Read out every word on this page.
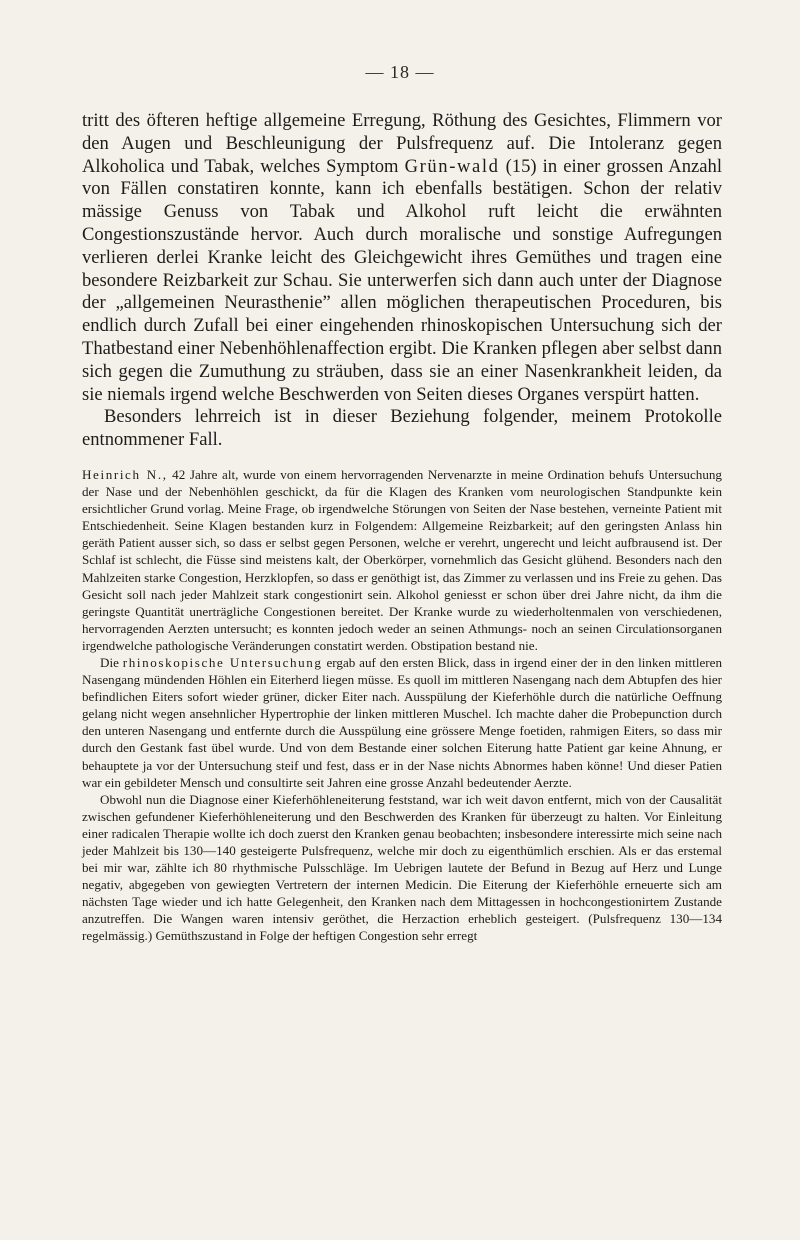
— 18 —

tritt des öfteren heftige allgemeine Erregung, Röthung des Gesichtes, Flimmern vor den Augen und Beschleunigung der Pulsfrequenz auf. Die Intoleranz gegen Alkoholica und Tabak, welches Symptom Grün-wald (15) in einer grossen Anzahl von Fällen constatiren konnte, kann ich ebenfalls bestätigen. Schon der relativ mässige Genuss von Tabak und Alkohol ruft leicht die erwähnten Congestionszustände hervor. Auch durch moralische und sonstige Aufregungen verlieren derlei Kranke leicht des Gleichgewicht ihres Gemüthes und tragen eine besondere Reizbarkeit zur Schau. Sie unterwerfen sich dann auch unter der Diagnose der „allgemeinen Neurasthenie” allen möglichen therapeutischen Proceduren, bis endlich durch Zufall bei einer eingehenden rhinoskopischen Untersuchung sich der Thatbestand einer Nebenhöhlenaffection ergibt. Die Kranken pflegen aber selbst dann sich gegen die Zumuthung zu sträuben, dass sie an einer Nasenkrankheit leiden, da sie niemals irgend welche Beschwerden von Seiten dieses Organes verspürt hatten.

Besonders lehrreich ist in dieser Beziehung folgender, meinem Protokolle entnommener Fall.

Heinrich N., 42 Jahre alt, wurde von einem hervorragenden Nervenarzte in meine Ordination behufs Untersuchung der Nase und der Nebenhöhlen geschickt, da für die Klagen des Kranken vom neurologischen Standpunkte kein ersichtlicher Grund vorlag. Meine Frage, ob irgendwelche Störungen von Seiten der Nase bestehen, verneinte Patient mit Entschiedenheit. Seine Klagen bestanden kurz in Folgendem: Allgemeine Reizbarkeit; auf den geringsten Anlass hin geräth Patient ausser sich, so dass er selbst gegen Personen, welche er verehrt, ungerecht und leicht aufbrausend ist. Der Schlaf ist schlecht, die Füsse sind meistens kalt, der Oberkörper, vornehmlich das Gesicht glühend. Besonders nach den Mahlzeiten starke Congestion, Herzklopfen, so dass er genöthigt ist, das Zimmer zu verlassen und ins Freie zu gehen. Das Gesicht soll nach jeder Mahlzeit stark congestionirt sein. Alkohol geniesst er schon über drei Jahre nicht, da ihm die geringste Quantität unerträgliche Congestionen bereitet. Der Kranke wurde zu wiederholtenmalen von verschiedenen, hervorragenden Aerzten untersucht; es konnten jedoch weder an seinen Athmungs- noch an seinen Circulationsorganen irgendwelche pathologische Veränderungen constatirt werden. Obstipation bestand nie.

Die rhinoskopische Untersuchung ergab auf den ersten Blick, dass in irgend einer der in den linken mittleren Nasengang mündenden Höhlen ein Eiterherd liegen müsse. Es quoll im mittleren Nasengang nach dem Abtupfen des hier befindlichen Eiters sofort wieder grüner, dicker Eiter nach. Ausspülung der Kieferhöhle durch die natürliche Oeffnung gelang nicht wegen ansehnlicher Hypertrophie der linken mittleren Muschel. Ich machte daher die Probepunction durch den unteren Nasengang und entfernte durch die Ausspülung eine grössere Menge foetiden, rahmigen Eiters, so dass mir durch den Gestank fast übel wurde. Und von dem Bestande einer solchen Eiterung hatte Patient gar keine Ahnung, er behauptete ja vor der Untersuchung steif und fest, dass er in der Nase nichts Abnormes haben könne! Und dieser Patien war ein gebildeter Mensch und consultirte seit Jahren eine grosse Anzahl bedeutender Aerzte.

Obwohl nun die Diagnose einer Kieferhöhleneiterung feststand, war ich weit davon entfernt, mich von der Causalität zwischen gefundener Kieferhöhleneiterung und den Beschwerden des Kranken für überzeugt zu halten. Vor Einleitung einer radicalen Therapie wollte ich doch zuerst den Kranken genau beobachten; insbesondere interessirte mich seine nach jeder Mahlzeit bis 130—140 gesteigerte Pulsfrequenz, welche mir doch zu eigenthümlich erschien. Als er das erstemal bei mir war, zählte ich 80 rhythmische Pulsschläge. Im Uebrigen lautete der Befund in Bezug auf Herz und Lunge negativ, abgegeben von gewiegten Vertretern der internen Medicin. Die Eiterung der Kieferhöhle erneuerte sich am nächsten Tage wieder und ich hatte Gelegenheit, den Kranken nach dem Mittagessen in hochcongestionirtem Zustande anzutreffen. Die Wangen waren intensiv geröthet, die Herzaction erheblich gesteigert. (Pulsfrequenz 130—134 regelmässig.) Gemüthszustand in Folge der heftigen Congestion sehr erregt
